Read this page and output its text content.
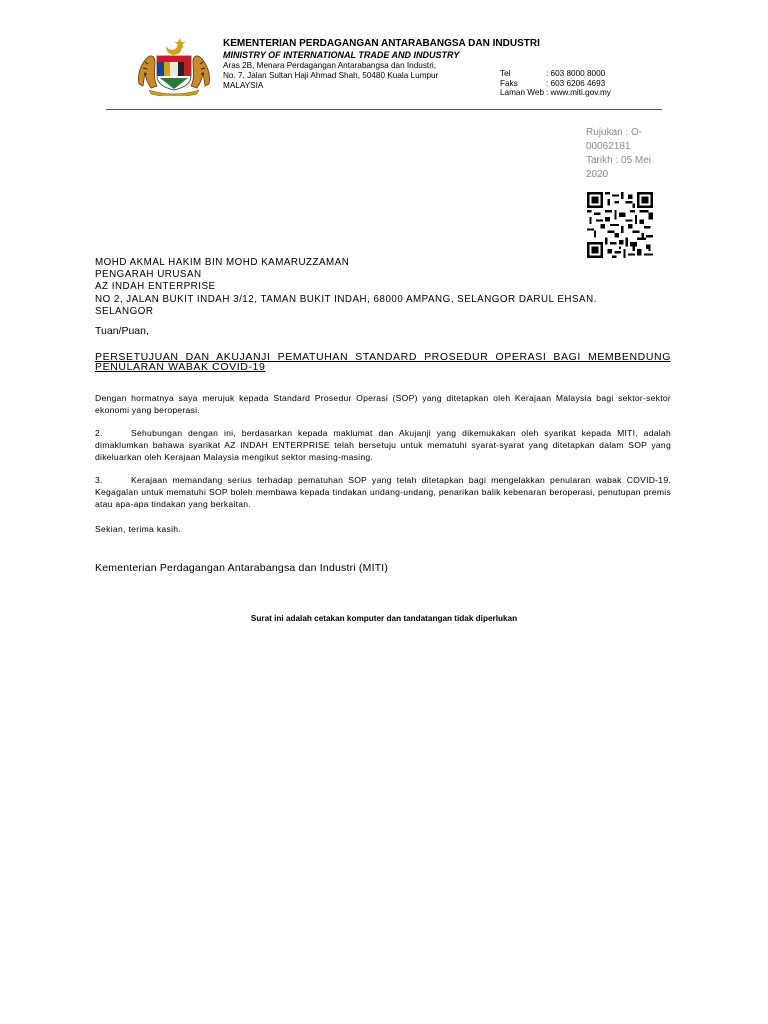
KEMENTERIAN PERDAGANGAN ANTARABANGSA DAN INDUSTRI
MINISTRY OF INTERNATIONAL TRADE AND INDUSTRY
Aras 2B, Menara Perdagangan Antarabangsa dan Industri,
No. 7, Jalan Sultan Haji Ahmad Shah, 50480 Kuala Lumpur
MALAYSIA
Tel	: 603 8000 8000
Faks	: 603 6206 4693
Laman Web : www.miti.gov.my
Rujukan : O-
00062181
Tarikh : 05 Mei
2020
MOHD AKMAL HAKIM BIN MOHD KAMARUZZAMAN
PENGARAH URUSAN
AZ INDAH ENTERPRISE
NO 2, JALAN BUKIT INDAH 3/12, TAMAN BUKIT INDAH, 68000 AMPANG, SELANGOR DARUL EHSAN.
SELANGOR
Tuan/Puan,
PERSETUJUAN DAN AKUJANJI PEMATUHAN STANDARD PROSEDUR OPERASI BAGI MEMBENDUNG PENULARAN WABAK COVID-19
Dengan hormatnya saya merujuk kepada Standard Prosedur Operasi (SOP) yang ditetapkan oleh Kerajaan Malaysia bagi sektor-sektor ekonomi yang beroperasi.
2.	Sehubungan dengan ini, berdasarkan kepada maklumat dan Akujanji yang dikemukakan oleh syarikat kepada MITI, adalah dimaklumkan bahawa syarikat AZ INDAH ENTERPRISE telah bersetuju untuk mematuhi syarat-syarat yang ditetapkan dalam SOP yang dikeluarkan oleh Kerajaan Malaysia mengikut sektor masing-masing.
3.	Kerajaan memandang serius terhadap pematuhan SOP yang telah ditetapkan bagi mengelakkan penularan wabak COVID-19. Kegagalan untuk mematuhi SOP boleh membawa kepada tindakan undang-undang, penarikan balik kebenaran beroperasi, penutupan premis atau apa-apa tindakan yang berkaitan.
Sekian, terima kasih.
Kementerian Perdagangan Antarabangsa dan Industri (MITI)
Surat ini adalah cetakan komputer dan tandatangan tidak diperlukan
